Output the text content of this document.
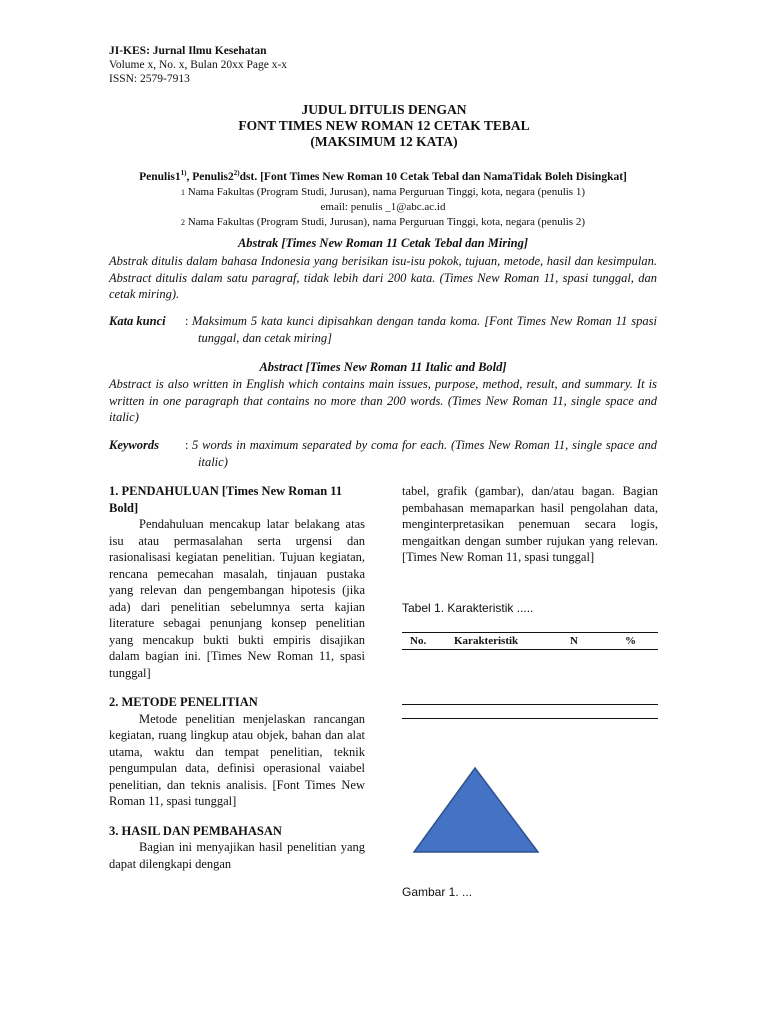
JI-KES: Jurnal Ilmu Kesehatan
Volume x, No. x, Bulan 20xx Page x-x
ISSN: 2579-7913
JUDUL DITULIS DENGAN
FONT TIMES NEW ROMAN 12 CETAK TEBAL
(MAKSIMUM 12 KATA)
Penulis1$^{1)}$, Penulis2$^{2)}$dst. [Font Times New Roman 10 Cetak Tebal dan NamaTidak Boleh Disingkat]
1 Nama Fakultas (Program Studi, Jurusan), nama Perguruan Tinggi, kota, negara (penulis 1)
email: penulis _1@abc.ac.id
2 Nama Fakultas (Program Studi, Jurusan), nama Perguruan Tinggi, kota, negara (penulis 2)
Abstrak [Times New Roman 11 Cetak Tebal dan Miring]
Abstrak ditulis dalam bahasa Indonesia yang berisikan isu-isu pokok, tujuan, metode, hasil dan kesimpulan. Abstract ditulis dalam satu paragraf, tidak lebih dari 200 kata. (Times New Roman 11, spasi tunggal, dan cetak miring).
Kata kunci : Maksimum 5 kata kunci dipisahkan dengan tanda koma. [Font Times New Roman 11 spasi tunggal, dan cetak miring]
Abstract [Times New Roman 11 Italic and Bold]
Abstract is also written in English which contains main issues, purpose, method, result, and summary. It is written in one paragraph that contains no more than 200 words. (Times New Roman 11, single space and italic)
Keywords : 5 words in maximum separated by coma for each. (Times New Roman 11, single space and italic)
1. PENDAHULUAN [Times New Roman 11 Bold]

Pendahuluan mencakup latar belakang atas isu atau permasalahan serta urgensi dan rasionalisasi kegiatan penelitian. Tujuan kegiatan, rencana pemecahan masalah, tinjauan pustaka yang relevan dan pengembangan hipotesis (jika ada) dari penelitian sebelumnya serta kajian literature sebagai penunjang konsep penelitian yang mencakup bukti bukti empiris disajikan dalam bagian ini. [Times New Roman 11, spasi tunggal]

2. METODE PENELITIAN

Metode penelitian menjelaskan rancangan kegiatan, ruang lingkup atau objek, bahan dan alat utama, waktu dan tempat penelitian, teknik pengumpulan data, definisi operasional vaiabel penelitian, dan teknis analisis. [Font Times New Roman 11, spasi tunggal]

3. HASIL DAN PEMBAHASAN

Bagian ini menyajikan hasil penelitian yang dapat dilengkapi dengan

tabel, grafik (gambar), dan/atau bagan. Bagian pembahasan memaparkan hasil pengolahan data, menginterpretasikan penemuan secara logis, mengaitkan dengan sumber rujukan yang relevan. [Times New Roman 11, spasi tunggal]

Tabel 1. Karakteristik .....
No.	Karakteristik	N	%
Gambar 1. ...
